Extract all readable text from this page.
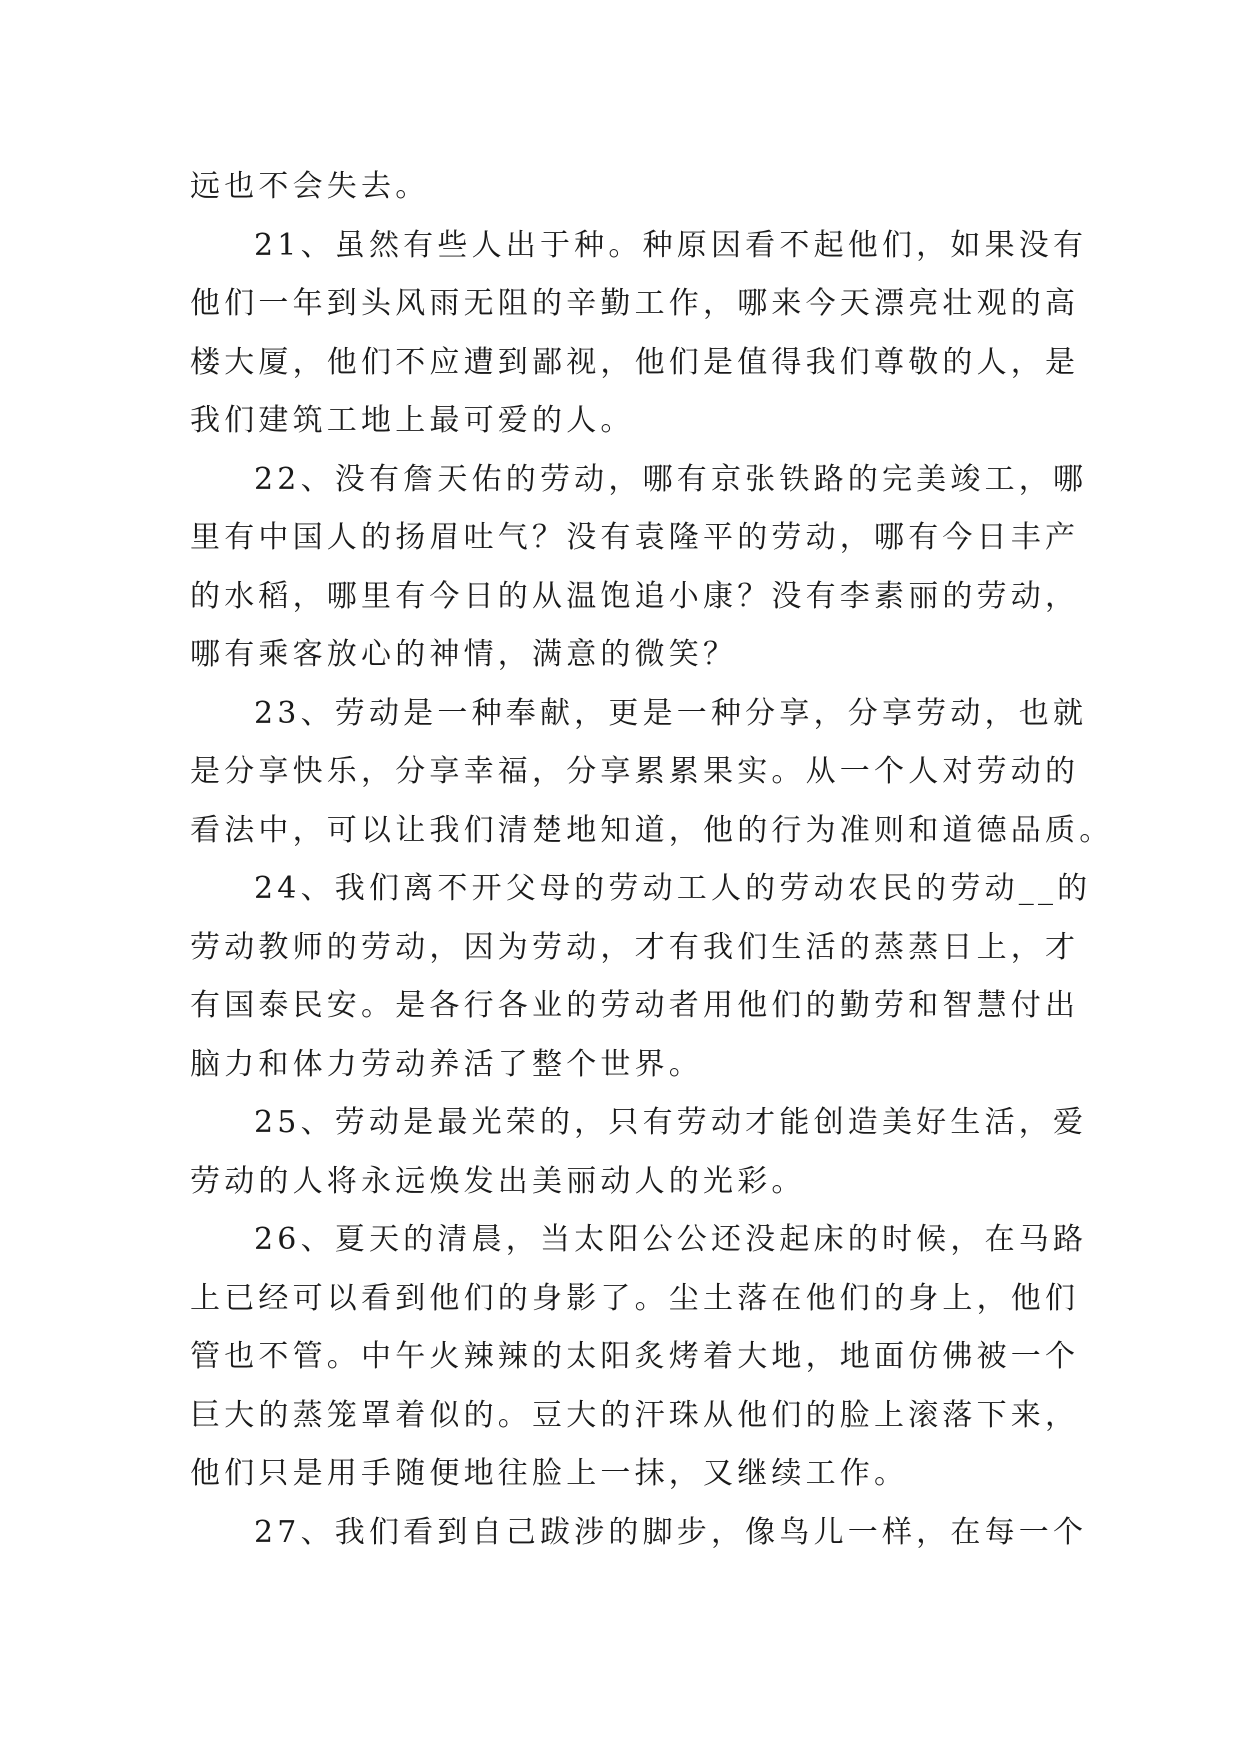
远也不会失去。
21、虽然有些人出于种。种原因看不起他们，如果没有
他们一年到头风雨无阻的辛勤工作，哪来今天漂亮壮观的高
楼大厦，他们不应遭到鄙视，他们是值得我们尊敬的人，是
我们建筑工地上最可爱的人。
22、没有詹天佑的劳动，哪有京张铁路的完美竣工，哪
里有中国人的扬眉吐气？没有袁隆平的劳动，哪有今日丰产
的水稻，哪里有今日的从温饱追小康？没有李素丽的劳动，
哪有乘客放心的神情，满意的微笑？
23、劳动是一种奉献，更是一种分享，分享劳动，也就
是分享快乐，分享幸福，分享累累果实。从一个人对劳动的
看法中，可以让我们清楚地知道，他的行为准则和道德品质。
24、我们离不开父母的劳动工人的劳动农民的劳动__的
劳动教师的劳动，因为劳动，才有我们生活的蒸蒸日上，才
有国泰民安。是各行各业的劳动者用他们的勤劳和智慧付出
脑力和体力劳动养活了整个世界。
25、劳动是最光荣的，只有劳动才能创造美好生活，爱
劳动的人将永远焕发出美丽动人的光彩。
26、夏天的清晨，当太阳公公还没起床的时候，在马路
上已经可以看到他们的身影了。尘土落在他们的身上，他们
管也不管。中午火辣辣的太阳炙烤着大地，地面仿佛被一个
巨大的蒸笼罩着似的。豆大的汗珠从他们的脸上滚落下来，
他们只是用手随便地往脸上一抹，又继续工作。
27、我们看到自己跋涉的脚步，像鸟儿一样，在每一个
